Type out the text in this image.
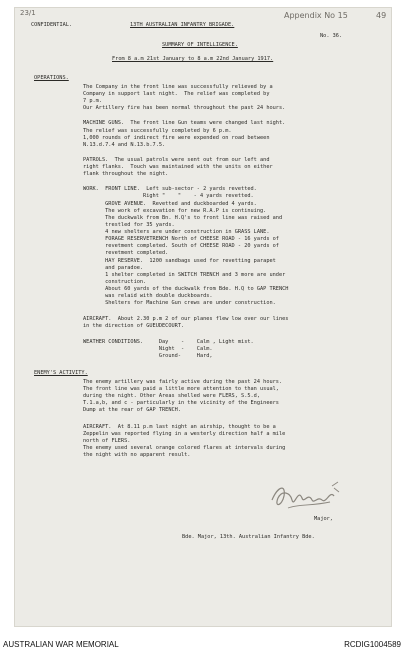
23/1
CONFIDENTIAL.	13TH AUSTRALIAN INFANTRY BRIGADE.
Appendix No 15	49
No. 36.
SUMMARY OF INTELLIGENCE.
From 8 a.m 21st January to 8 a.m 22nd January 1917.
OPERATIONS.
The Company in the front line was successfully relieved by a
Company in support last night.  The relief was completed by
7 p.m.
Our Artillery fire has been normal throughout the past 24 hours.
MACHINE GUNS.  The front line Gun teams were changed last night.
The relief was successfully completed by 6 p.m.
1,000 rounds of indirect fire were expended on road between
N.13.d.7.4 and N.13.b.7.5.
PATROLS.  The usual patrols were sent out from our left and
right flanks.  Touch was maintained with the units on either
flank throughout the night.
WORK.  FRONT LINE.  Left sub-sector - 2 yards revetted.
Right "    "    - 4 yards revetted.
GROVE AVENUE.  Revetted and duckboarded 4 yards.
The work of excavation for new R.A.P is continuing.
The duckwalk from Bn. H.Q's to front line was raised and
trestled for 35 yards.
4 new shelters are under construction in GRASS LANE.
FORAGE RESERVETRENCH North of CHEESE ROAD - 16 yards of
revetment completed. South of CHEESE ROAD - 20 yards of
revetment completed.
HAY RESERVE.  1200 sandbags used for revetting parapet
and paradoe.
1 shelter completed in SWITCH TRENCH and 3 more are under
construction.
About 60 yards of the duckwalk from Bde. H.Q to GAP TRENCH
was relaid with double duckboards.
Shelters for Machine Gun crews are under construction.
AIRCRAFT.  About 2.30 p.m 2 of our planes flew low over our lines
in the direction of GUEUDECOURT.
WEATHER CONDITIONS.     Day    -    Calm , Light mist.
Night  -    Calm.
Ground-     Hard,
ENEMY'S ACTIVITY.
The enemy artillery was fairly active during the past 24 hours.
The front line was paid a little more attention to than usual,
during the night. Other Areas shelled were FLERS, S.5.d,
T.1.a,b, and c - particularly in the vicinity of the Engineers
Dump at the rear of GAP TRENCH.
AIRCRAFT.  At 8.11 p.m last night an airship, thought to be a
Zeppelin was reported flying in a westerly direction half a mile
north of FLERS.
The enemy used several orange colored flares at intervals during
the night with no apparent result.
Major,
Bde. Major, 13th. Australian Infantry Bde.
AUSTRALIAN WAR MEMORIAL	RCDIG1004589
